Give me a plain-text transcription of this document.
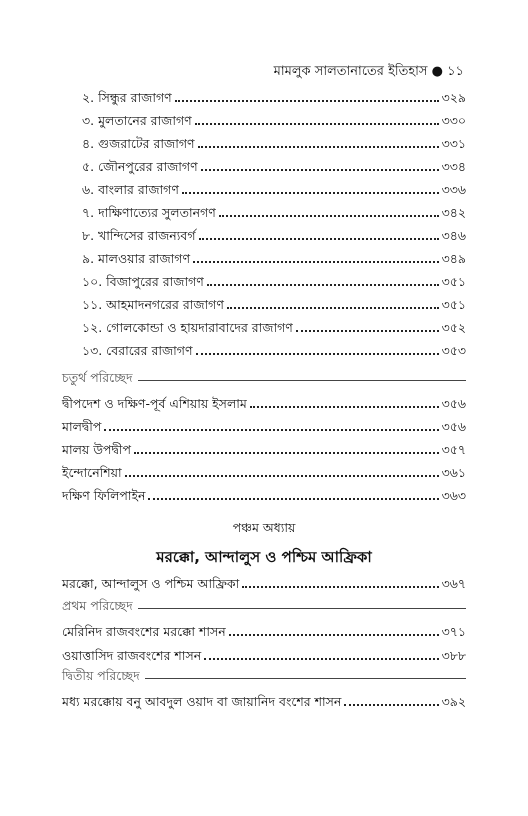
মামলুক সালতানাতের ইতিহাস ● ১১
২. সিন্ধুর রাজাগণ	৩২৯
৩. মুলতানের রাজাগণ	৩৩০
৪. গুজরাটের রাজাগণ	৩৩১
৫. জৌনপুরের রাজাগণ	৩৩৪
৬. বাংলার রাজাগণ	৩৩৬
৭. দাক্ষিণাত্যের সুলতানগণ	৩৪২
৮. খান্দিসের রাজন্যবর্গ	৩৪৬
৯. মালওয়ার রাজাগণ	৩৪৯
১০. বিজাপুরের রাজাগণ	৩৫১
১১. আহমাদনগরের রাজাগণ	৩৫১
১২. গোলকোন্ডা ও হায়দারাবাদের রাজাগণ	৩৫২
১৩. বেরারের রাজাগণ	৩৫৩
চতুর্থ পরিচ্ছেদ
দ্বীপদেশ ও দক্ষিণ-পূর্ব এশিয়ায় ইসলাম	৩৫৬
মালদ্বীপ	৩৫৬
মালয় উপদ্বীপ	৩৫৭
ইন্দোনেশিয়া	৩৬১
দক্ষিণ ফিলিপাইন	৩৬৩
পঞ্চম অধ্যায়
মরক্কো, আন্দালুস ও পশ্চিম আফ্রিকা
মরক্কো, আন্দালুস ও পশ্চিম আফ্রিকা	৩৬৭
প্রথম পরিচ্ছেদ
মেরিনিদ রাজবংশের মরক্কো শাসন	৩৭১
ওয়াত্তাসিদ রাজবংশের শাসন	৩৮৮
দ্বিতীয় পরিচ্ছেদ
মধ্য মরক্কোয় বনু আবদুল ওয়াদ বা জায়ানিদ বংশের শাসন	৩৯২
